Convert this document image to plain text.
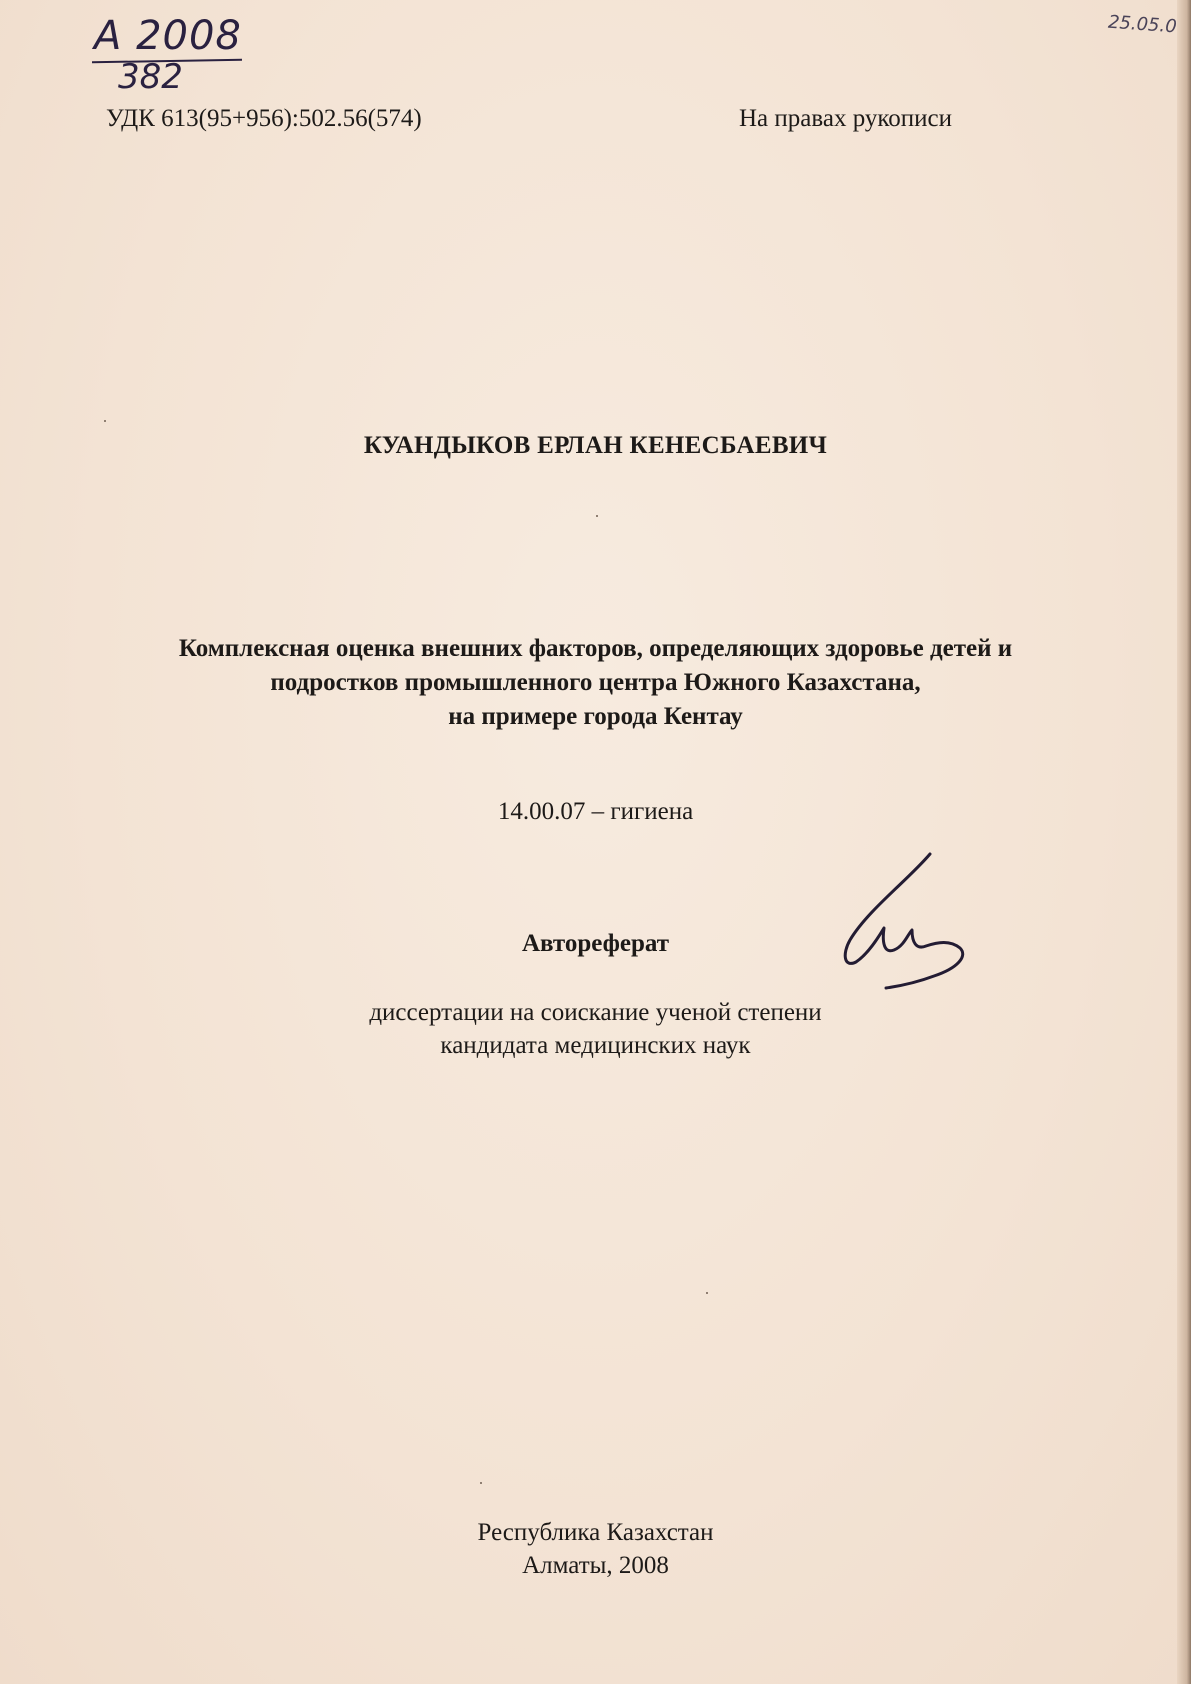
А 2008
382
25.05.0
УДК 613(95+956):502.56(574)	На правах рукописи
КУАНДЫКОВ ЕРЛАН КЕНЕСБАЕВИЧ
Комплексная оценка внешних факторов, определяющих здоровье детей и
подростков промышленного центра Южного Казахстана,
на примере города Кентау
14.00.07 – гигиена
Автореферат
диссертации на соискание ученой степени
кандидата медицинских наук
Республика Казахстан
Алматы, 2008
